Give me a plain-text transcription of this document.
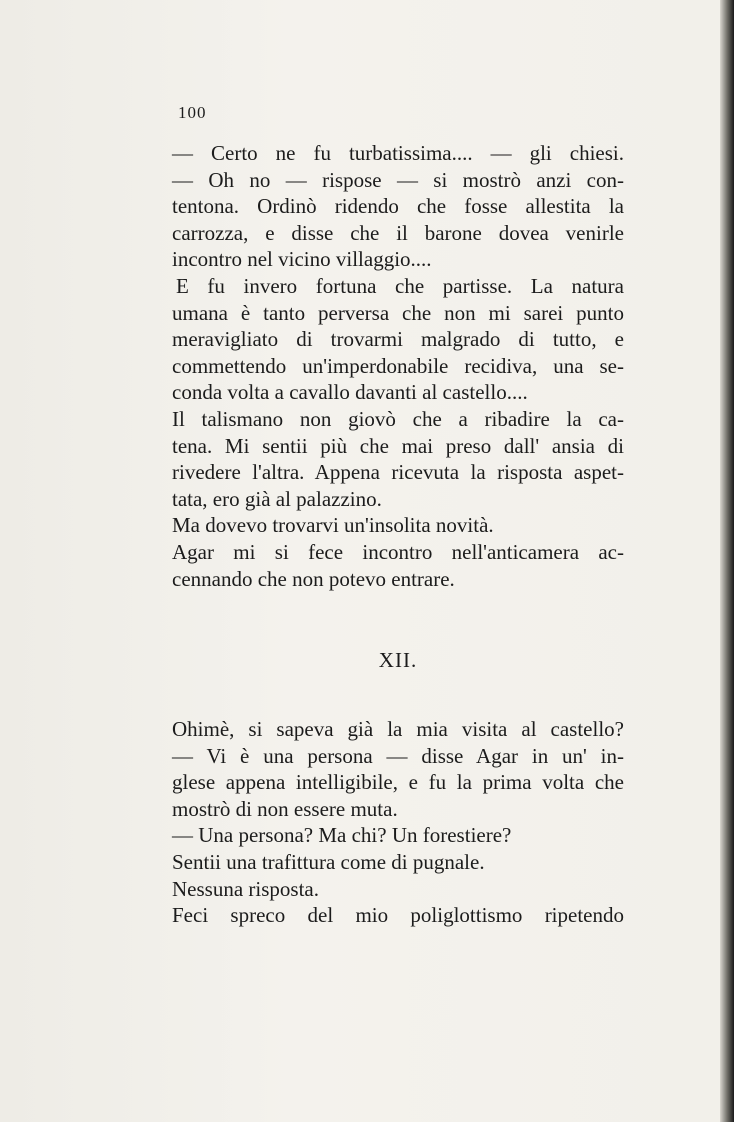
100
— Certo ne fu turbatissima.... — gli chiesi.
— Oh no — rispose — si mostrò anzi con-
tentona. Ordinò ridendo che fosse allestita la
carrozza, e disse che il barone dovea venirle
incontro nel vicino villaggio....
E fu invero fortuna che partisse. La natura
umana è tanto perversa che non mi sarei punto
meravigliato di trovarmi malgrado di tutto, e
commettendo un'imperdonabile recidiva, una se-
conda volta a cavallo davanti al castello....
Il talismano non giovò che a ribadire la ca-
tena. Mi sentii più che mai preso dall' ansia di
rivedere l'altra. Appena ricevuta la risposta aspet-
tata, ero già al palazzino.
Ma dovevo trovarvi un'insolita novità.
Agar mi si fece incontro nell'anticamera ac-
cennando che non potevo entrare.
XII.
Ohimè, si sapeva già la mia visita al castello?
— Vi è una persona — disse Agar in un' in-
glese appena intelligibile, e fu la prima volta che
mostrò di non essere muta.
— Una persona? Ma chi? Un forestiere?
Sentii una trafittura come di pugnale.
Nessuna risposta.
Feci spreco del mio poliglottismo ripetendo
